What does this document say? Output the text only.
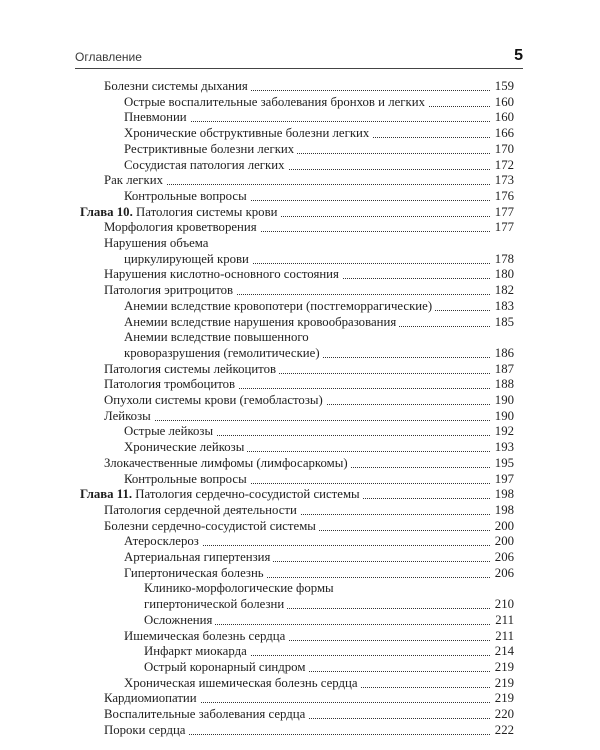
Оглавление	5
Болезни системы дыхания	159
Острые воспалительные заболевания бронхов и легких	160
Пневмонии	160
Хронические обструктивные болезни легких	166
Рестриктивные болезни легких	170
Сосудистая патология легких	172
Рак легких	173
Контрольные вопросы	176
Глава 10. Патология системы крови	177
Морфология кроветворения	177
Нарушения объема
циркулирующей крови	178
Нарушения кислотно-основного состояния	180
Патология эритроцитов	182
Анемии вследствие кровопотери (постгеморрагические)	183
Анемии вследствие нарушения кровообразования	185
Анемии вследствие повышенного
кроворазрушения (гемолитические)	186
Патология системы лейкоцитов	187
Патология тромбоцитов	188
Опухоли системы крови (гемобластозы)	190
Лейкозы	190
Острые лейкозы	192
Хронические лейкозы	193
Злокачественные лимфомы (лимфосаркомы)	195
Контрольные вопросы	197
Глава 11. Патология сердечно-сосудистой системы	198
Патология сердечной деятельности	198
Болезни сердечно-сосудистой системы	200
Атеросклероз	200
Артериальная гипертензия	206
Гипертоническая болезнь	206
Клинико-морфологические формы
гипертонической болезни	210
Осложнения	211
Ишемическая болезнь сердца	211
Инфаркт миокарда	214
Острый коронарный синдром	219
Хроническая ишемическая болезнь сердца	219
Кардиомиопатии	219
Воспалительные заболевания сердца	220
Пороки сердца	222
